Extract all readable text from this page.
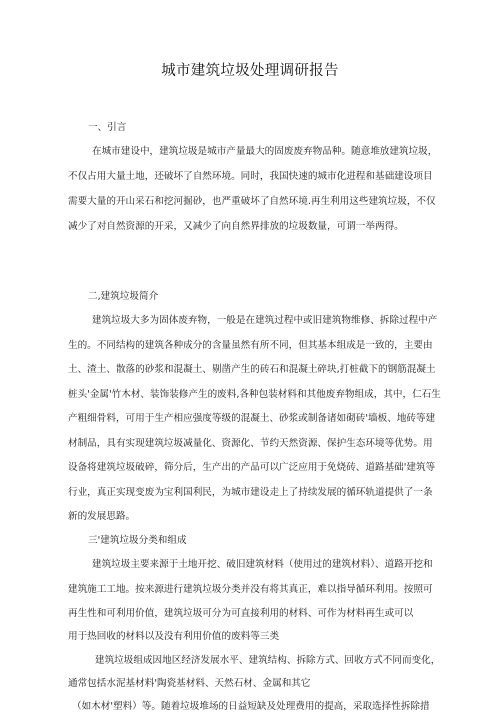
城市建筑垃圾处理调研报告
一、引言
在城市建设中，建筑垃圾是城市产量最大的固废废弃物品种。随意堆放建筑垃圾，
不仅占用大量土地，还破坏了自然环境。同时，我国快速的城市化进程和基础建设项目
需要大量的开山采石和挖河掘砂，也严重破坏了自然环境.再生利用这些建筑垃圾，不仅
减少了对自然资源的开采，又减少了向自然界排放的垃圾数量，可谓一举两得。
二,建筑垃圾简介
建筑垃圾大多为固体废弃物，一般是在建筑过程中或旧建筑物维修、拆除过程中产
生的。不同结构的建筑各种成分的含量虽然有所不同，但其基本组成是一致的，主要由
土、渣土、散落的砂浆和混凝土、剔凿产生的砖石和混凝土碎块,打桩截下的钢筋混凝土
桩头'金属'竹木材、装饰装修产生的废料,各种包装材料和其他废弃物组成，其中，仁石生
产粗细骨料，可用于生产相应强度等级的混凝土、砂浆或制备诸如砌砖'墙板、地砖等建
材制品，具有实现建筑垃圾减量化、资源化、节约天然资源、保护生态环境等优势。用
设备将建筑垃圾破碎，筛分后，生产出的产品可以广泛应用于免烧砖、道路基础'建筑等
行业，真正实现变废为宝利国利民，为城市建设走上了持续发展的循环轨道提供了一条
新的发展思路。
三'建筑垃圾分类和组成
建筑垃圾主要来源于土地开挖、破旧建筑材料（使用过的建筑材料）、道路开挖和
建筑施工工地。按来源进行建筑垃圾分类并没有将其真正，难以指导循环利用。按照可
再生性和可利用价值，建筑垃圾可分为可直接利用的材料、可作为材料再生或可以
用于热回收的材料以及没有利用价值的废料等三类
建筑垃圾组成因地区经济发展水平、建筑结构、拆除方式、回收方式不同而变化，
通常包括水泥基材料'陶瓷基材料、天然石材、金属和其它
（如木材'塑料）等。随着垃圾堆场的日益短缺及处理费用的提高，采取选择性拆除措
